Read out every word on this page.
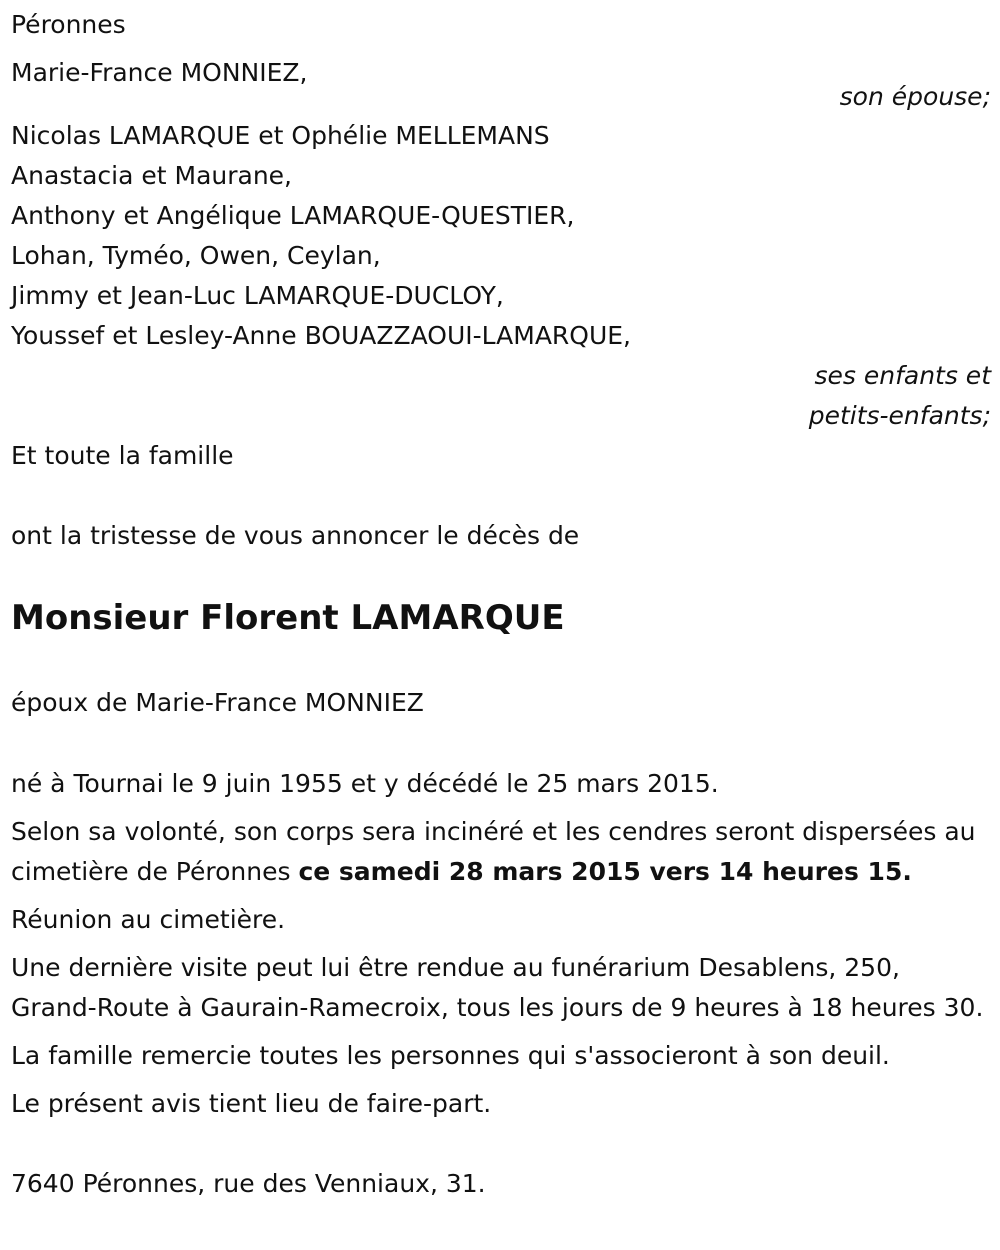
Péronnes
Marie-France MONNIEZ,
son épouse;
Nicolas LAMARQUE et Ophélie MELLEMANS
Anastacia et Maurane,
Anthony et Angélique LAMARQUE-QUESTIER,
Lohan, Tyméo, Owen, Ceylan,
Jimmy et Jean-Luc LAMARQUE-DUCLOY,
Youssef et Lesley-Anne BOUAZZAOUI-LAMARQUE,
ses enfants et
petits-enfants;
Et toute la famille
ont la tristesse de vous annoncer le décès de
Monsieur Florent LAMARQUE
époux de Marie-France MONNIEZ
né à Tournai le 9 juin 1955 et y décédé le 25 mars 2015.
Selon sa volonté, son corps sera incinéré et les cendres seront dispersées au cimetière de Péronnes ce samedi 28 mars 2015 vers 14 heures 15.
Réunion au cimetière.
Une dernière visite peut lui être rendue au funérarium Desablens, 250, Grand-Route à Gaurain-Ramecroix, tous les jours de 9 heures à 18 heures 30.
La famille remercie toutes les personnes qui s'associeront à son deuil.
Le présent avis tient lieu de faire-part.
7640 Péronnes, rue des Venniaux, 31.
